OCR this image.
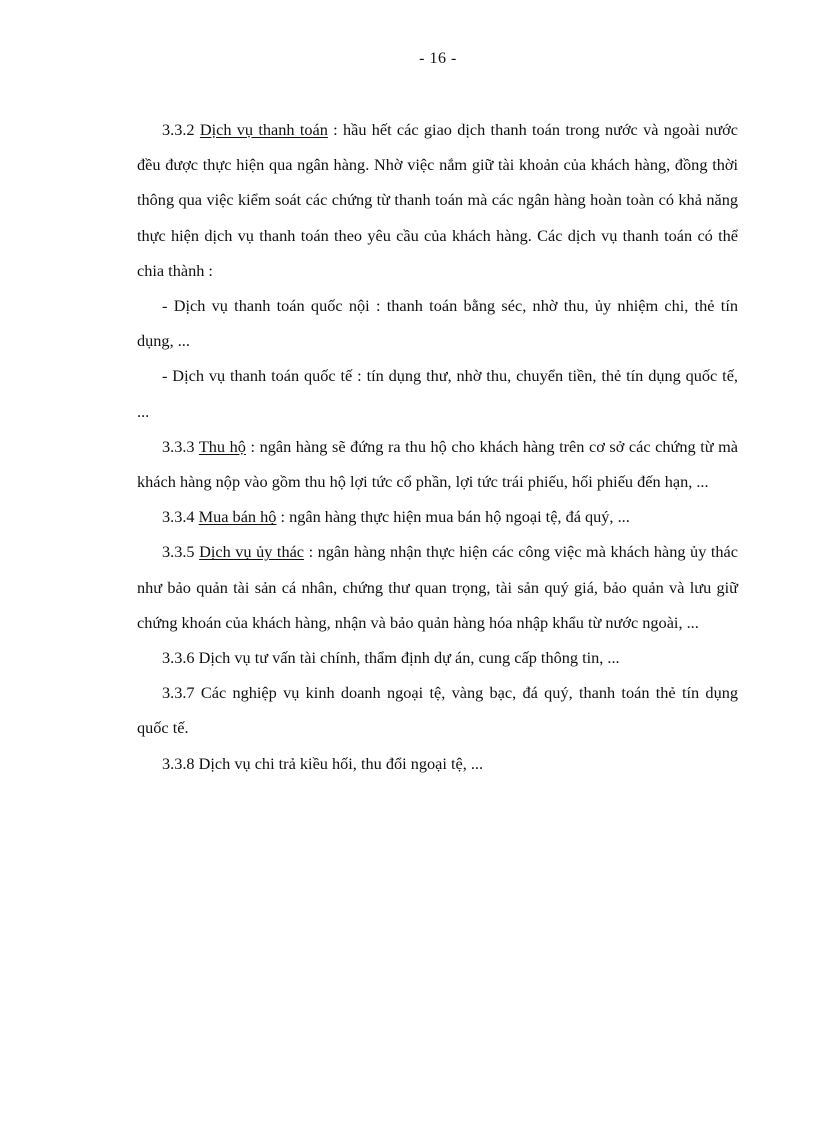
- 16 -

3.3.2 Dịch vụ thanh toán : hầu hết các giao dịch thanh toán trong nước và ngoài nước đều được thực hiện qua ngân hàng. Nhờ việc nắm giữ tài khoản của khách hàng, đồng thời thông qua việc kiểm soát các chứng từ thanh toán mà các ngân hàng hoàn toàn có khả năng thực hiện dịch vụ thanh toán theo yêu cầu của khách hàng. Các dịch vụ thanh toán có thể chia thành :

- Dịch vụ thanh toán quốc nội : thanh toán bằng séc, nhờ thu, ủy nhiệm chi, thẻ tín dụng, ...

- Dịch vụ thanh toán quốc tế : tín dụng thư, nhờ thu, chuyển tiền, thẻ tín dụng quốc tế, ...

3.3.3 Thu hộ : ngân hàng sẽ đứng ra thu hộ cho khách hàng trên cơ sở các chứng từ mà khách hàng nộp vào gồm thu hộ lợi tức cổ phần, lợi tức trái phiếu, hối phiếu đến hạn, ...

3.3.4 Mua bán hộ : ngân hàng thực hiện mua bán hộ ngoại tệ, đá quý, ...

3.3.5 Dịch vụ ủy thác : ngân hàng nhận thực hiện các công việc mà khách hàng ủy thác như bảo quản tài sản cá nhân, chứng thư quan trọng, tài sản quý giá, bảo quản và lưu giữ chứng khoán của khách hàng, nhận và bảo quản hàng hóa nhập khẩu từ nước ngoài, ...

3.3.6 Dịch vụ tư vấn tài chính, thẩm định dự án, cung cấp thông tin, ...

3.3.7 Các nghiệp vụ kinh doanh ngoại tệ, vàng bạc, đá quý, thanh toán thẻ tín dụng quốc tế.

3.3.8 Dịch vụ chi trả kiều hối, thu đổi ngoại tệ, ...
